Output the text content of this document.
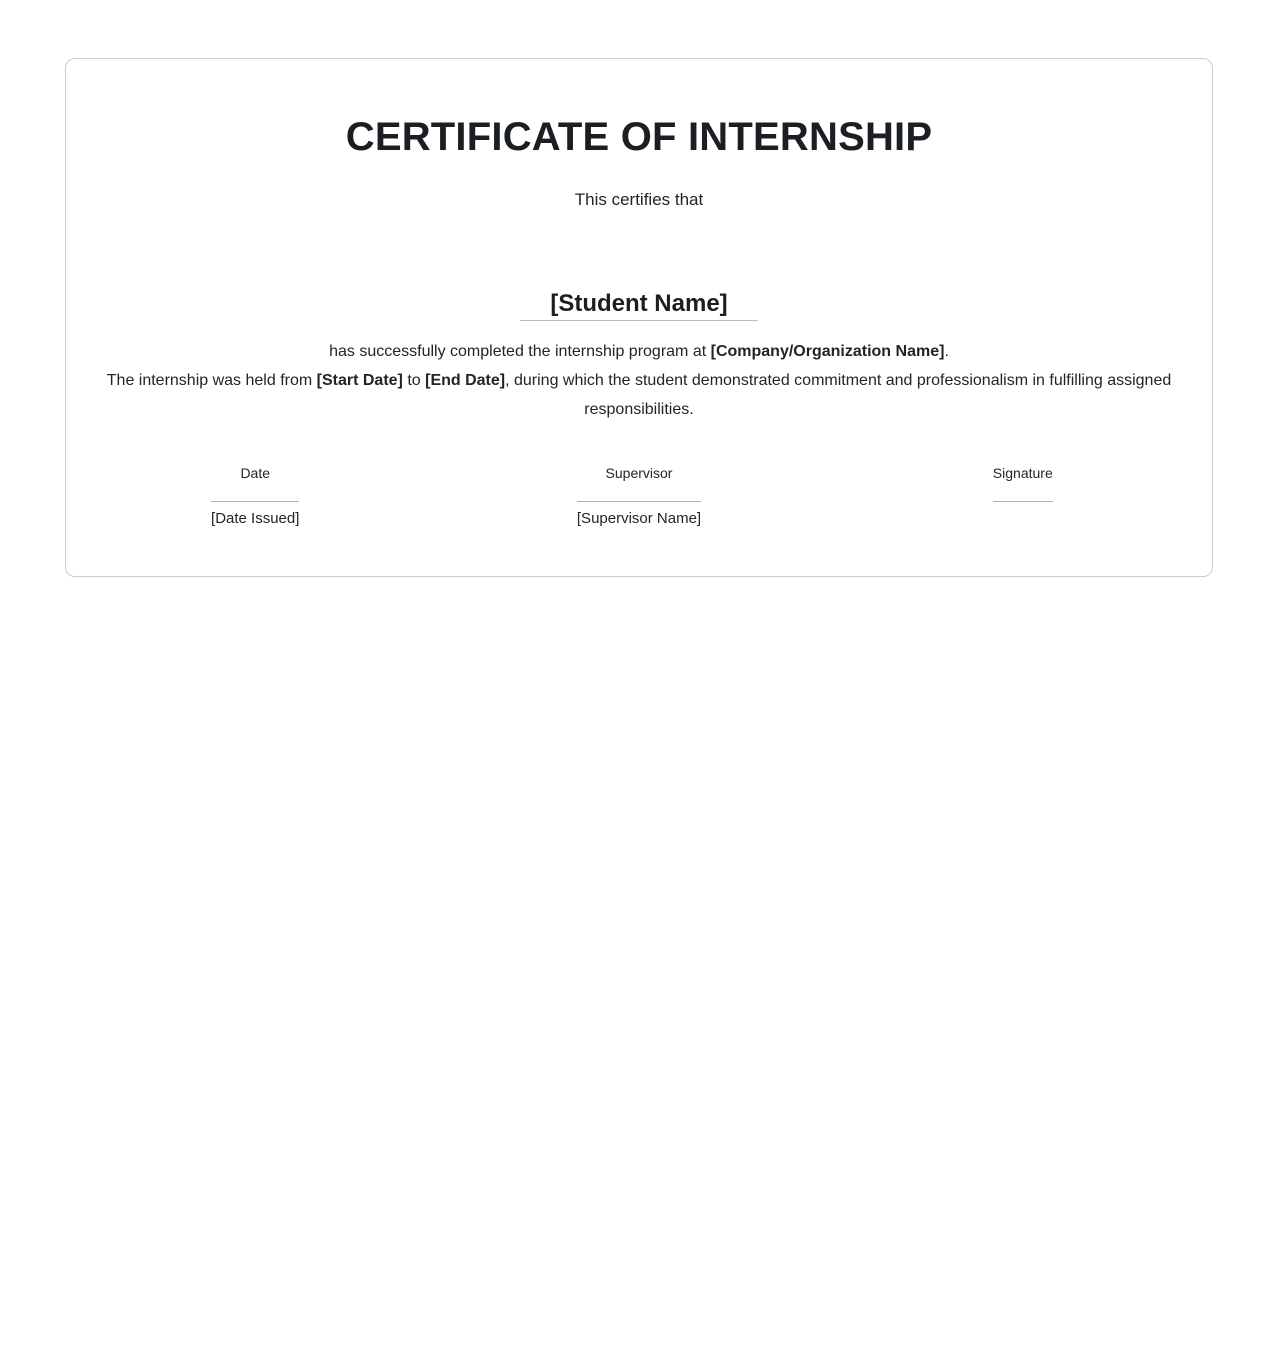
CERTIFICATE OF INTERNSHIP

This certifies that

[Student Name]

has successfully completed the internship program at [Company/Organization Name].
The internship was held from [Start Date] to [End Date], during which the student demonstrated commitment and professionalism in fulfilling assigned responsibilities.

Date
[Date Issued]
Supervisor
[Supervisor Name]
Signature
